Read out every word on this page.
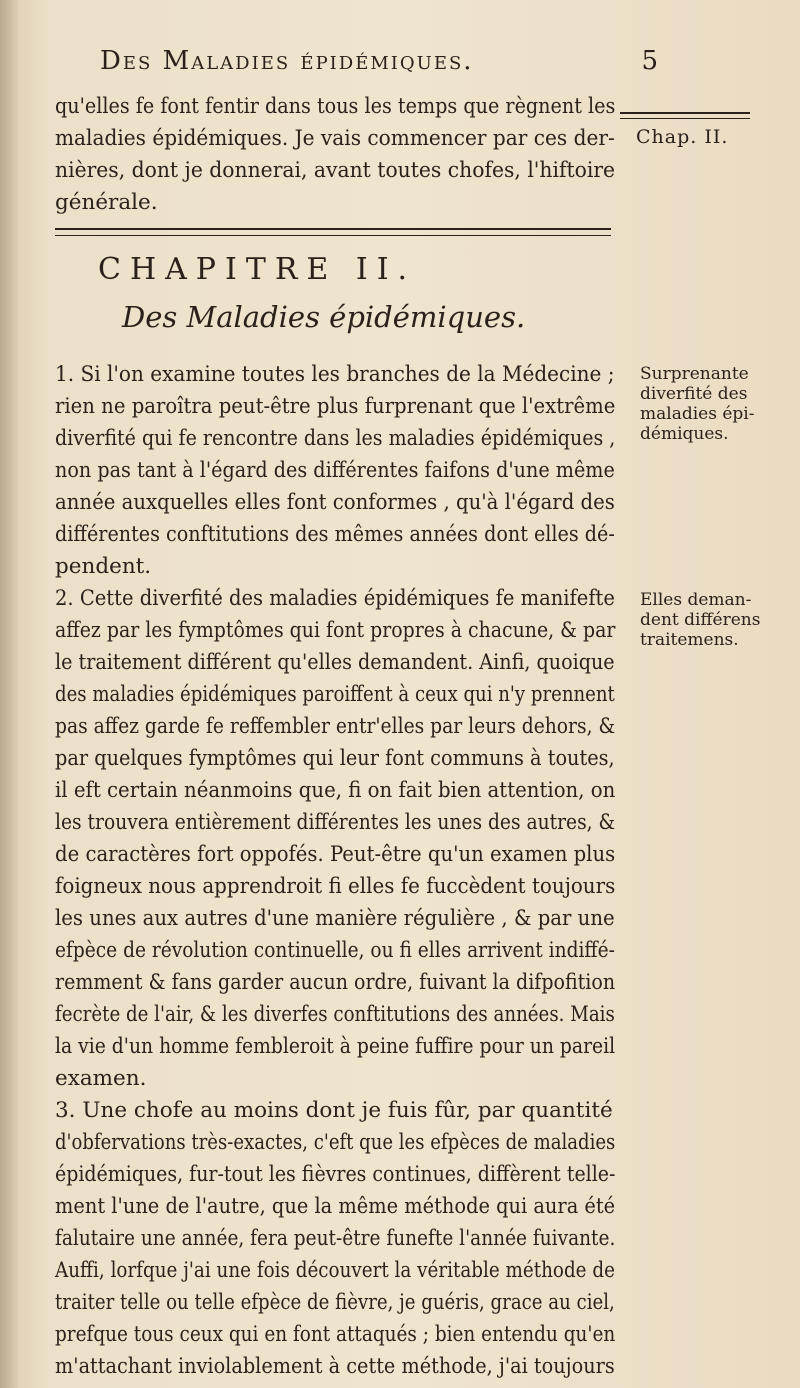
Des Maladies épidémiques.	5
qu'elles fe font fentir dans tous les temps que règnent les
maladies épidémiques. Je vais commencer par ces der-
nières, dont je donnerai, avant toutes chofes, l'hiftoire
générale.
Chap. II.
CHAPITRE II.
Des Maladies épidémiques.
1. Si l'on examine toutes les branches de la Médecine ;
rien ne paroîtra peut-être plus furprenant que l'extrême
diverfité qui fe rencontre dans les maladies épidémiques ,
non pas tant à l'égard des différentes faifons d'une même
année auxquelles elles font conformes , qu'à l'égard des
différentes conftitutions des mêmes années dont elles dé-
pendent.
2. Cette diverfité des maladies épidémiques fe manifefte
affez par les fymptômes qui font propres à chacune, & par
le traitement différent qu'elles demandent. Ainfi, quoique
des maladies épidémiques paroiffent à ceux qui n'y prennent
pas affez garde fe reffembler entr'elles par leurs dehors, &
par quelques fymptômes qui leur font communs à toutes,
il eft certain néanmoins que, fi on fait bien attention, on
les trouvera entièrement différentes les unes des autres, &
de caractères fort oppofés. Peut-être qu'un examen plus
foigneux nous apprendroit fi elles fe fuccèdent toujours
les unes aux autres d'une manière régulière , & par une
efpèce de révolution continuelle, ou fi elles arrivent indiffé-
remment & fans garder aucun ordre, fuivant la difpofition
fecrète de l'air, & les diverfes conftitutions des années. Mais
la vie d'un homme fembleroit à peine fuffire pour un pareil
examen.
3. Une chofe au moins dont je fuis fûr, par quantité
d'obfervations très-exactes, c'eft que les efpèces de maladies
épidémiques, fur-tout les fièvres continues, diffèrent telle-
ment l'une de l'autre, que la même méthode qui aura été
falutaire une année, fera peut-être funefte l'année fuivante.
Auffi, lorfque j'ai une fois découvert la véritable méthode de
traiter telle ou telle efpèce de fièvre, je guéris, grace au ciel,
prefque tous ceux qui en font attaqués ; bien entendu qu'en
m'attachant inviolablement à cette méthode, j'ai toujours
Surprenante diverfité des maladies épi- démiques.
Elles deman- dent différens traitemens.
